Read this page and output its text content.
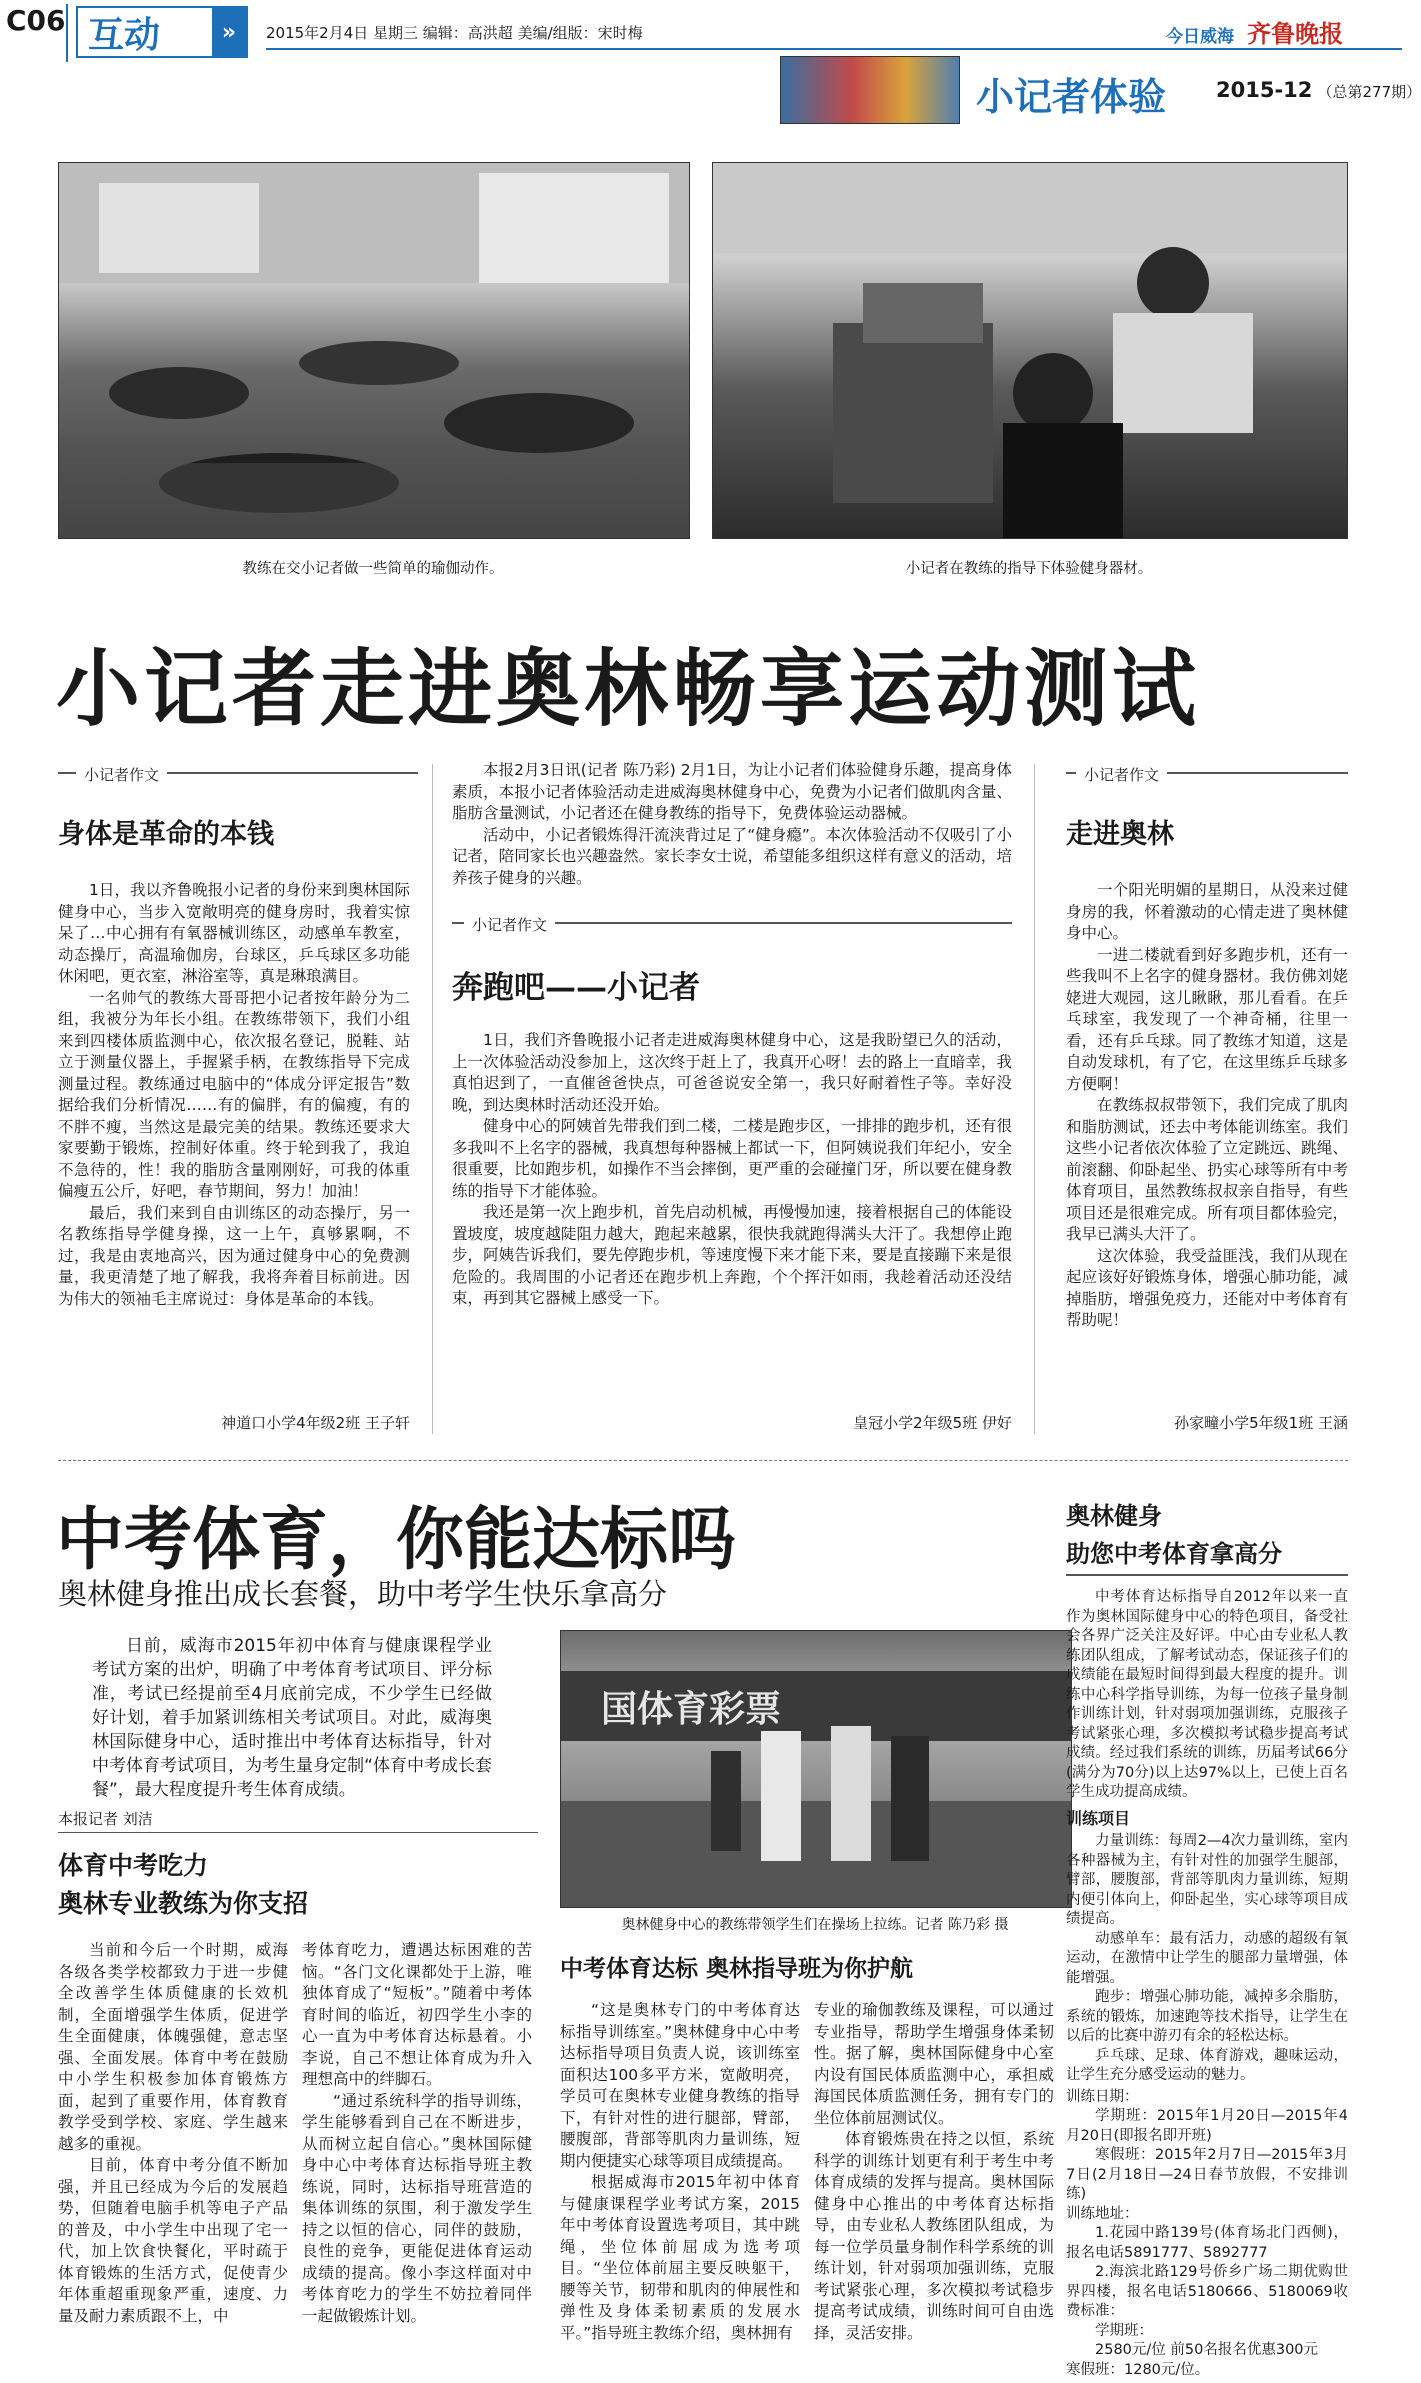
C06 互动	»	2015年2月4日 星期三 编辑：高洪超 美编/组版：宋时梅	今日威海 齐鲁晚报
小记者体验 2015-12 （总第277期）
教练在交小记者做一些简单的瑜伽动作。	小记者在教练的指导下体验健身器材。
小记者走进奥林畅享运动测试
小记者作文
身体是革命的本钱

1日，我以齐鲁晚报小记者的身份来到奥林国际健身中心，当步入宽敞明亮的健身房时，我着实惊呆了…中心拥有有氧器械训练区，动感单车教室，动态操厅，高温瑜伽房，台球区，乒乓球区多功能休闲吧，更衣室，淋浴室等，真是琳琅满目。

一名帅气的教练大哥哥把小记者按年龄分为二组，我被分为年长小组。在教练带领下，我们小组来到四楼体质监测中心，依次报名登记，脱鞋、站立于测量仪器上，手握紧手柄，在教练指导下完成测量过程。教练通过电脑中的“体成分评定报告”数据给我们分析情况……有的偏胖，有的偏瘦，有的不胖不瘦，当然这是最完美的结果。教练还要求大家要勤于锻炼，控制好体重。终于轮到我了，我迫不急待的，性！我的脂肪含量刚刚好，可我的体重偏瘦五公斤，好吧，春节期间，努力！加油！

最后，我们来到自由训练区的动态操厅，另一名教练指导学健身操，这一上午，真够累啊，不过，我是由衷地高兴，因为通过健身中心的免费测量，我更清楚了地了解我，我将奔着目标前进。因为伟大的领袖毛主席说过：身体是革命的本钱。

神道口小学4年级2班 王子轩

本报2月3日讯(记者 陈乃彩) 2月1日，为让小记者们体验健身乐趣，提高身体素质，本报小记者体验活动走进威海奥林健身中心，免费为小记者们做肌肉含量、脂肪含量测试，小记者还在健身教练的指导下，免费体验运动器械。

活动中，小记者锻炼得汗流浃背过足了“健身瘾”。本次体验活动不仅吸引了小记者，陪同家长也兴趣盎然。家长李女士说，希望能多组织这样有意义的活动，培养孩子健身的兴趣。

小记者作文
奔跑吧——小记者

1日，我们齐鲁晚报小记者走进威海奥林健身中心，这是我盼望已久的活动，上一次体验活动没参加上，这次终于赶上了，我真开心呀！去的路上一直暗幸，我真怕迟到了，一直催爸爸快点，可爸爸说安全第一，我只好耐着性子等。幸好没晚，到达奥林时活动还没开始。

健身中心的阿姨首先带我们到二楼，二楼是跑步区，一排排的跑步机，还有很多我叫不上名字的器械，我真想每种器械上都试一下，但阿姨说我们年纪小，安全很重要，比如跑步机，如操作不当会摔倒，更严重的会碰撞门牙，所以要在健身教练的指导下才能体验。

我还是第一次上跑步机，首先启动机械，再慢慢加速，接着根据自己的体能设置坡度，坡度越陡阻力越大，跑起来越累，很快我就跑得满头大汗了。我想停止跑步，阿姨告诉我们，要先停跑步机，等速度慢下来才能下来，要是直接蹦下来是很危险的。我周围的小记者还在跑步机上奔跑，个个挥汗如雨，我趁着活动还没结束，再到其它器械上感受一下。

皇冠小学2年级5班 伊好
小记者作文
走进奥林

一个阳光明媚的星期日，从没来过健身房的我，怀着激动的心情走进了奥林健身中心。

一进二楼就看到好多跑步机，还有一些我叫不上名字的健身器材。我仿佛刘姥姥进大观园，这儿瞅瞅，那儿看看。在乒乓球室，我发现了一个神奇桶，往里一看，还有乒乓球。同了教练才知道，这是自动发球机，有了它，在这里练乒乓球多方便啊！

在教练叔叔带领下，我们完成了肌肉和脂肪测试，还去中考体能训练室。我们这些小记者依次体验了立定跳远、跳绳、前滚翻、仰卧起坐、扔实心球等所有中考体育项目，虽然教练叔叔亲自指导，有些项目还是很难完成。所有项目都体验完，我早已满头大汗了。

这次体验，我受益匪浅，我们从现在起应该好好锻炼身体，增强心肺功能，减掉脂肪，增强免疫力，还能对中考体育有帮助呢！

孙家疃小学5年级1班 王涵
中考体育，你能达标吗
奥林健身推出成长套餐，助中考学生快乐拿高分

日前，威海市2015年初中体育与健康课程学业考试方案的出炉，明确了中考体育考试项目、评分标准，考试已经提前至4月底前完成，不少学生已经做好计划，着手加紧训练相关考试项目。对此，威海奥林国际健身中心，适时推出中考体育达标指导，针对中考体育考试项目，为考生量身定制“体育中考成长套餐”，最大程度提升考生体育成绩。

本报记者 刘洁
国体育彩票
奥林健身中心的教练带领学生们在操场上拉练。记者 陈乃彩 摄
体育中考吃力
奥林专业教练为你支招

当前和今后一个时期，威海各级各类学校都致力于进一步健全改善学生体质健康的长效机制，全面增强学生体质，促进学生全面健康，体魄强健，意志坚强、全面发展。体育中考在鼓励中小学生积极参加体育锻炼方面，起到了重要作用，体育教育教学受到学校、家庭、学生越来越多的重视。

目前，体育中考分值不断加强，并且已经成为今后的发展趋势，但随着电脑手机等电子产品的普及，中小学生中出现了宅一代，加上饮食快餐化，平时疏于体育锻炼的生活方式，促使青少年体重超重现象严重，速度、力量及耐力素质跟不上，中

考体育吃力，遭遇达标困难的苦恼。“各门文化课都处于上游，唯独体育成了“短板”。”随着中考体育时间的临近，初四学生小李的心一直为中考体育达标悬着。小李说，自己不想让体育成为升入理想高中的绊脚石。

“通过系统科学的指导训练，学生能够看到自己在不断进步，从而树立起自信心。”奥林国际健身中心中考体育达标指导班主教练说，同时，达标指导班营造的集体训练的氛围，利于激发学生持之以恒的信心，同伴的鼓励，良性的竞争，更能促进体育运动成绩的提高。像小李这样面对中考体育吃力的学生不妨拉着同伴一起做锻炼计划。

中考体育达标 奥林指导班为你护航

“这是奥林专门的中考体育达标指导训练室。”奥林健身中心中考达标指导项目负责人说，该训练室面积达100多平方米，宽敞明亮，学员可在奥林专业健身教练的指导下，有针对性的进行腿部，臂部，腰腹部，背部等肌肉力量训练，短期内便捷实心球等项目成绩提高。

根据威海市2015年初中体育与健康课程学业考试方案，2015年中考体育设置选考项目，其中跳绳，坐位体前屈成为选考项目。“坐位体前屈主要反映躯干，腰等关节，韧带和肌肉的伸展性和弹性及身体柔韧素质的发展水平。”指导班主教练介绍，奥林拥有

专业的瑜伽教练及课程，可以通过专业指导，帮助学生增强身体柔韧性。据了解，奥林国际健身中心室内设有国民体质监测中心，承担威海国民体质监测任务，拥有专门的坐位体前屈测试仪。

体育锻炼贵在持之以恒，系统科学的训练计划更有利于考生中考体育成绩的发挥与提高。奥林国际健身中心推出的中考体育达标指导，由专业私人教练团队组成，为每一位学员量身制作科学系统的训练计划，针对弱项加强训练，克服考试紧张心理，多次模拟考试稳步提高考试成绩，训练时间可自由选择，灵活安排。

奥林健身
助您中考体育拿高分

中考体育达标指导自2012年以来一直作为奥林国际健身中心的特色项目，备受社会各界广泛关注及好评。中心由专业私人教练团队组成，了解考试动态，保证孩子们的成绩能在最短时间得到最大程度的提升。训练中心科学指导训练，为每一位孩子量身制作训练计划，针对弱项加强训练，克服孩子考试紧张心理，多次模拟考试稳步提高考试成绩。经过我们系统的训练，历届考试66分(满分为70分)以上达97%以上，已使上百名学生成功提高成绩。

训练项目

力量训练：每周2—4次力量训练，室内各种器械为主，有针对性的加强学生腿部，臂部，腰腹部，背部等肌肉力量训练，短期内便引体向上，仰卧起坐，实心球等项目成绩提高。

动感单车：最有活力，动感的超级有氧运动，在激情中让学生的腿部力量增强，体能增强。

跑步：增强心肺功能，减掉多余脂肪，系统的锻炼，加速跑等技术指导，让学生在以后的比赛中游刃有余的轻松达标。

乒乓球、足球、体育游戏，趣味运动，让学生充分感受运动的魅力。

训练日期：

学期班：2015年1月20日—2015年4月20日(即报名即开班)

寒假班：2015年2月7日—2015年3月7日(2月18日—24日春节放假，不安排训练)

训练地址：

1.花园中路139号(体育场北门西侧)，报名电话5891777、5892777

2.海滨北路129号侨乡广场二期优购世界四楼，报名电话5180666、5180069收费标准：

学期班：

2580元/位 前50名报名优惠300元

寒假班：1280元/位。
